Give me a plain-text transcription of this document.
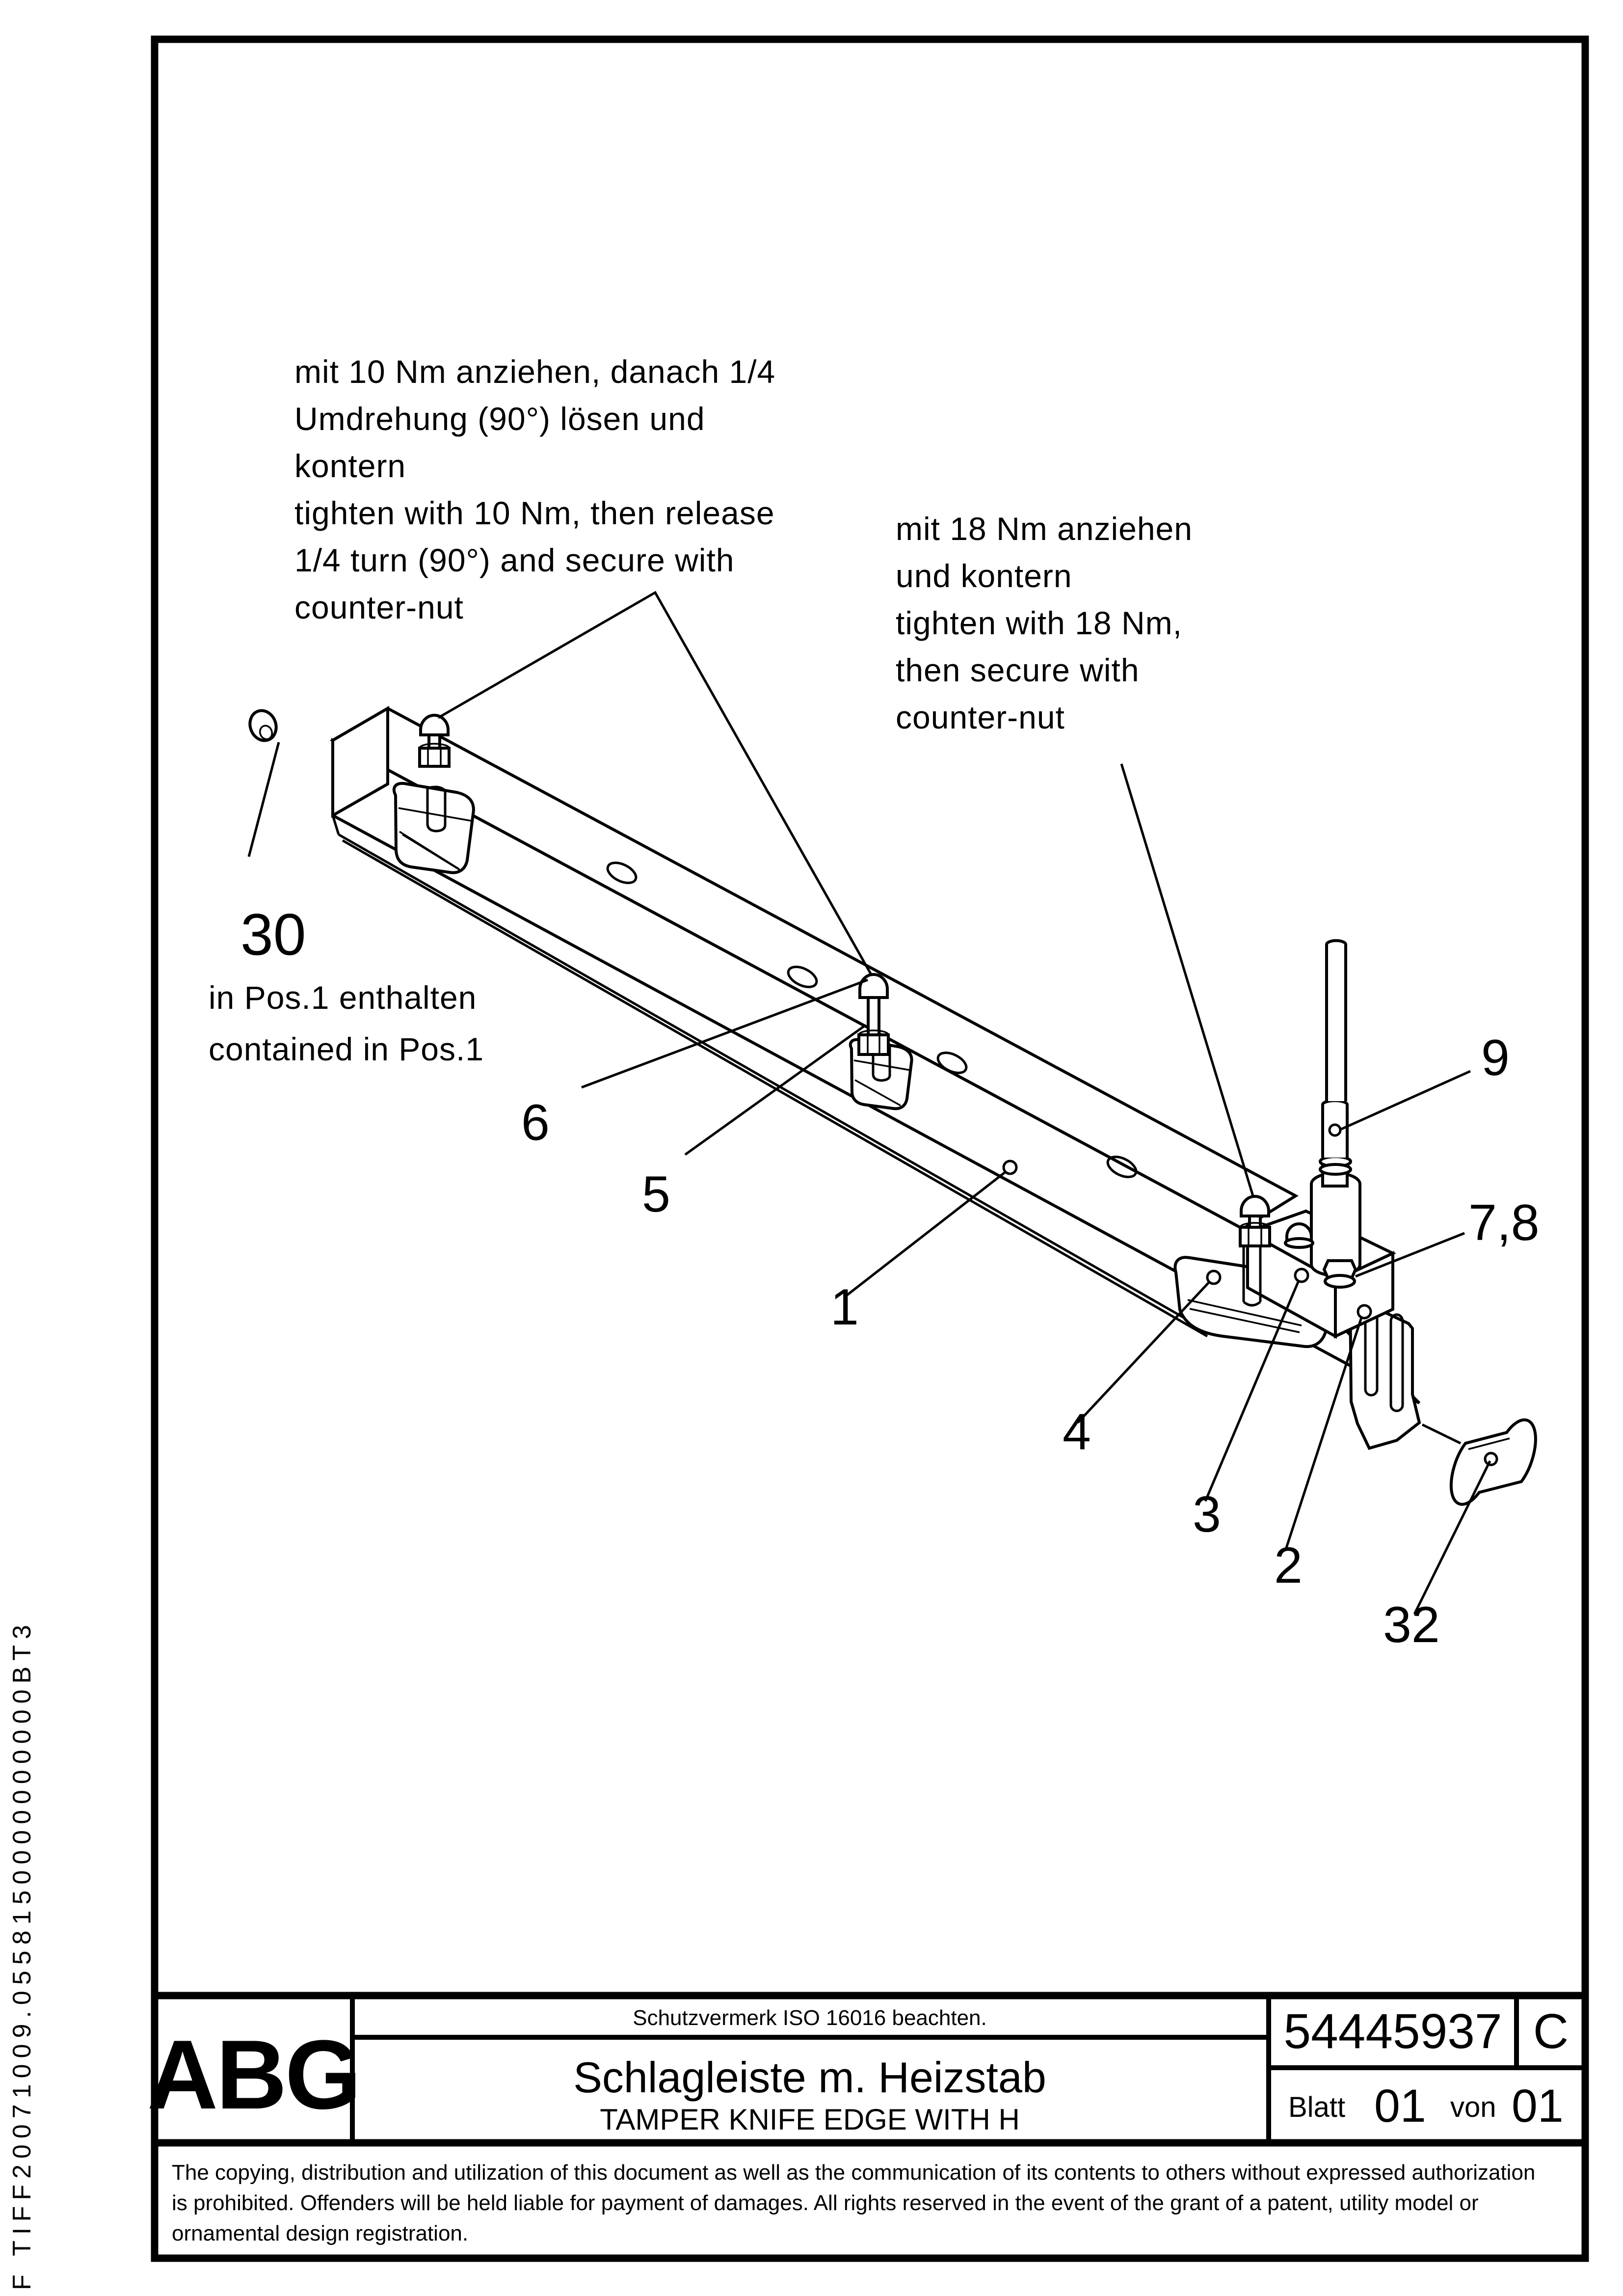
mit 10 Nm anziehen, danach 1/4
Umdrehung (90°) lösen und
kontern
tighten with 10 Nm, then release
1/4 turn (90°) and secure with
counter-nut
mit 18 Nm anziehen
und kontern
tighten with 18 Nm,
then secure with
counter-nut
30
in Pos.1 enthalten
contained in Pos.1
6
5
1
4
3
2
32
9
7,8
ABG
Schutzvermerk ISO 16016 beachten.
Schlagleiste m. Heizstab
TAMPER KNIFE EDGE WITH H
54445937 C
Blatt 01 von 01
The copying, distribution and utilization of this document as well as the communication of its contents to others without expressed authorization
is prohibited. Offenders will be held liable for payment of damages. All rights reserved in the event of the grant of a patent, utility model or
ornamental design registration.
F TIFF20071009.0558150000000000BT3
